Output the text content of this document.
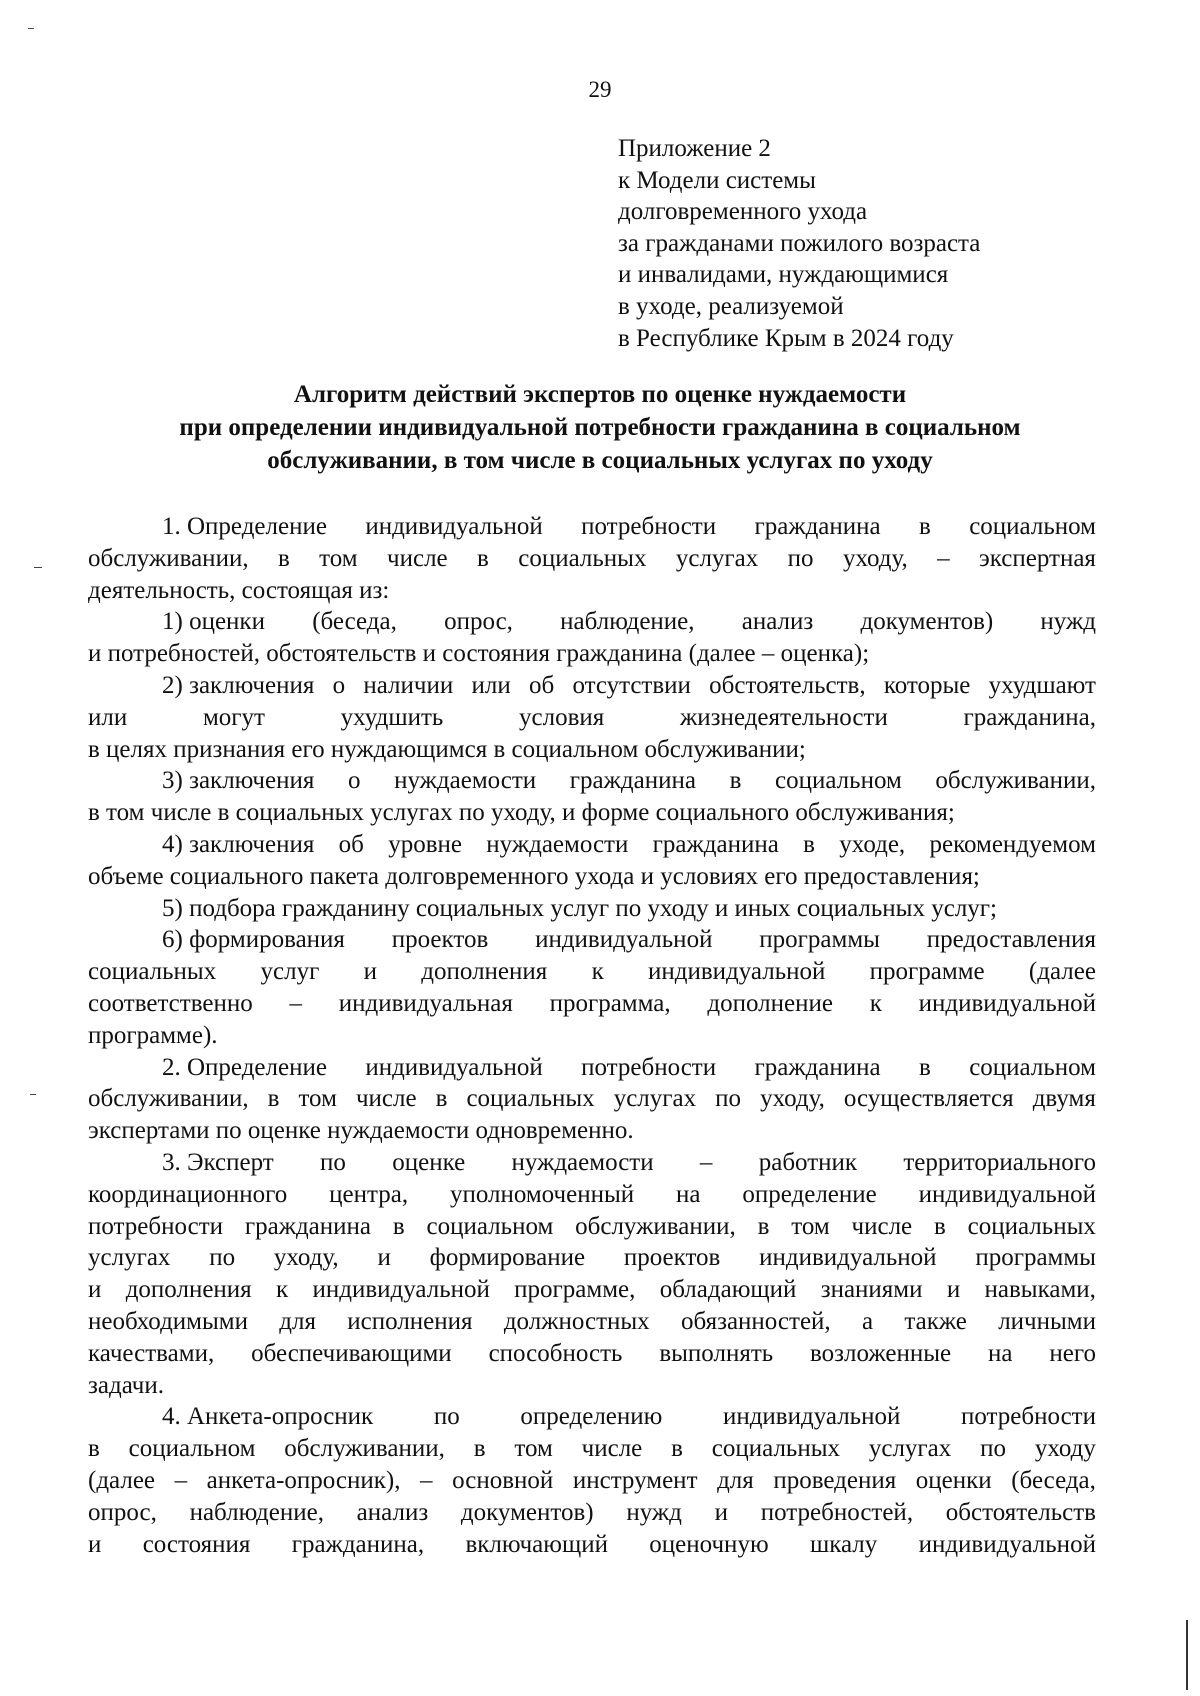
29
Приложение 2
к Модели системы
долговременного ухода
за гражданами пожилого возраста
и инвалидами, нуждающимися
в уходе, реализуемой
в Республике Крым в 2024 году
Алгоритм действий экспертов по оценке нуждаемости
при определении индивидуальной потребности гражданина в социальном
обслуживании, в том числе в социальных услугах по уходу
1. Определение индивидуальной потребности гражданина в социальном
обслуживании, в том числе в социальных услугах по уходу, – экспертная
деятельность, состоящая из:
1) оценки (беседа, опрос, наблюдение, анализ документов) нужд
и потребностей, обстоятельств и состояния гражданина (далее – оценка);
2) заключения о наличии или об отсутствии обстоятельств, которые ухудшают
или	могут	ухудшить	условия	жизнедеятельности	гражданина,
в целях признания его нуждающимся в социальном обслуживании;
3) заключения о нуждаемости гражданина в социальном обслуживании,
в том числе в социальных услугах по уходу, и форме социального обслуживания;
4) заключения об уровне нуждаемости гражданина в уходе, рекомендуемом
объеме социального пакета долговременного ухода и условиях его предоставления;
5) подбора гражданину социальных услуг по уходу и иных социальных услуг;
6) формирования проектов индивидуальной программы предоставления
социальных услуг и дополнения к индивидуальной программе (далее
соответственно – индивидуальная программа, дополнение к индивидуальной
программе).
2. Определение индивидуальной потребности гражданина в социальном
обслуживании, в том числе в социальных услугах по уходу, осуществляется двумя
экспертами по оценке нуждаемости одновременно.
3. Эксперт по оценке нуждаемости – работник территориального
координационного центра, уполномоченный на определение индивидуальной
потребности гражданина в социальном обслуживании, в том числе в социальных
услугах по уходу, и формирование проектов индивидуальной программы
и дополнения к индивидуальной программе, обладающий знаниями и навыками,
необходимыми для исполнения должностных обязанностей, а также личными
качествами, обеспечивающими способность выполнять возложенные на него
задачи.
4. Анкета-опросник по определению индивидуальной потребности
в социальном обслуживании, в том числе в социальных услугах по уходу
(далее – анкета-опросник), – основной инструмент для проведения оценки (беседа,
опрос, наблюдение, анализ документов) нужд и потребностей, обстоятельств
и состояния гражданина, включающий оценочную шкалу индивидуальной
